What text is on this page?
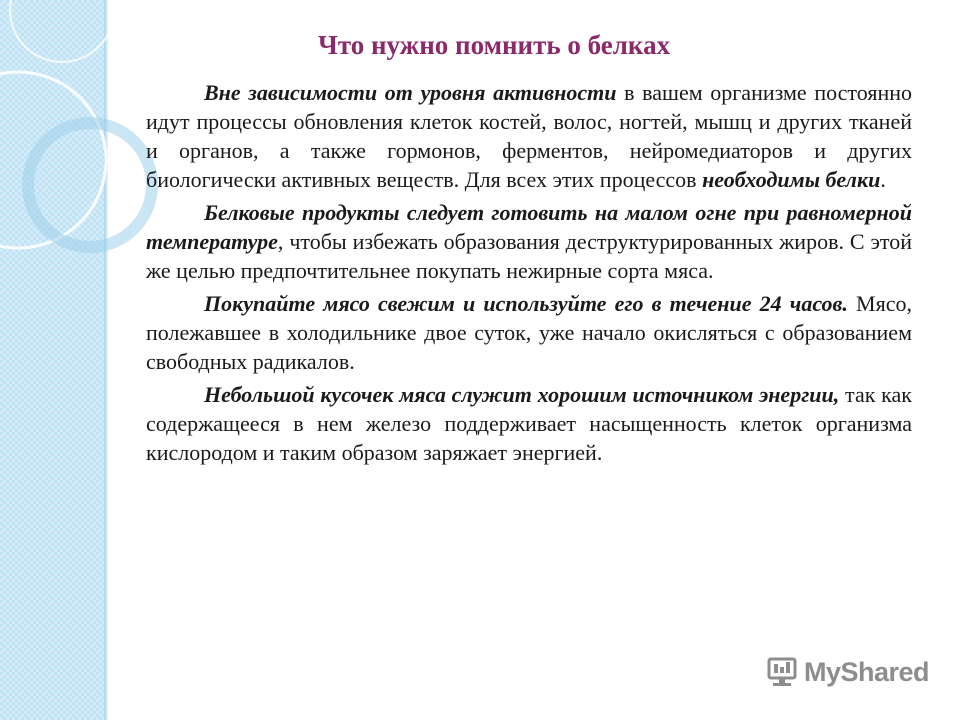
Что нужно помнить о белках

Вне зависимости от уровня активности в вашем организме постоянно идут процессы обновления клеток костей, волос, ногтей, мышц и других тканей и органов, а также гормонов, ферментов, нейромедиаторов и других биологически активных веществ. Для всех этих процессов необходимы белки.

Белковые продукты следует готовить на малом огне при равномерной температуре, чтобы избежать образования деструктурированных жиров. С этой же целью предпочтительнее покупать нежирные сорта мяса.

Покупайте мясо свежим и используйте его в течение 24 часов. Мясо, полежавшее в холодильнике двое суток, уже начало окисляться с образованием свободных радикалов.

Небольшой кусочек мяса служит хорошим источником энергии, так как содержащееся в нем железо поддерживает насыщенность клеток организма кислородом и таким образом заряжает энергией.

MyShared
